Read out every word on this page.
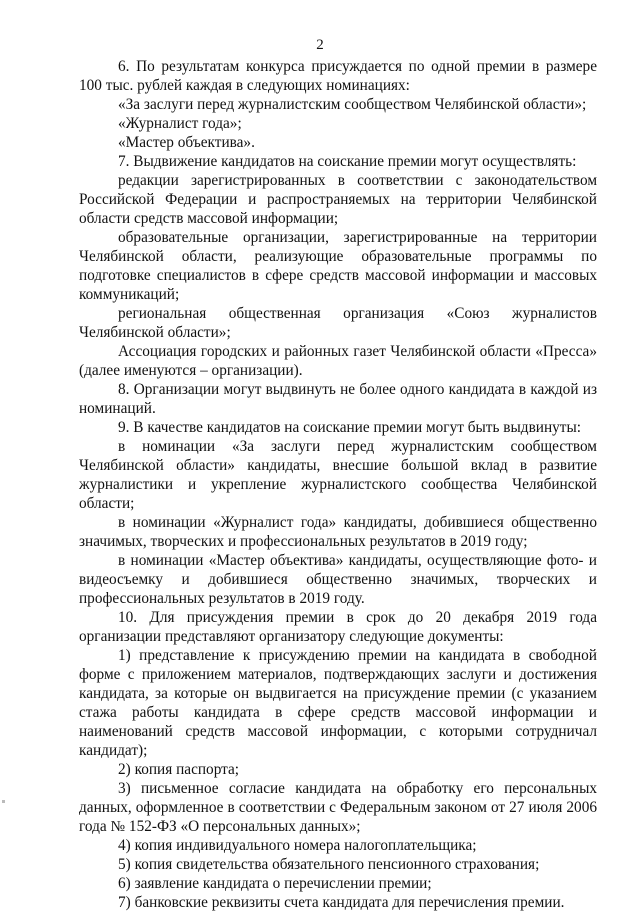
2

6. По результатам конкурса присуждается по одной премии в размере 100 тыс. рублей каждая в следующих номинациях:

«За заслуги перед журналистским сообществом Челябинской области»;

«Журналист года»;

«Мастер объектива».

7. Выдвижение кандидатов на соискание премии могут осуществлять:

редакции зарегистрированных в соответствии с законодательством Российской Федерации и распространяемых на территории Челябинской области средств массовой информации;

образовательные организации, зарегистрированные на территории Челябинской области, реализующие образовательные программы по подготовке специалистов в сфере средств массовой информации и массовых коммуникаций;

региональная общественная организация «Союз журналистов Челябинской области»;

Ассоциация городских и районных газет Челябинской области «Пресса» (далее именуются – организации).

8. Организации могут выдвинуть не более одного кандидата в каждой из номинаций.

9. В качестве кандидатов на соискание премии могут быть выдвинуты:

в номинации «За заслуги перед журналистским сообществом Челябинской области» кандидаты, внесшие большой вклад в развитие журналистики и укрепление журналистского сообщества Челябинской области;

в номинации «Журналист года» кандидаты, добившиеся общественно значимых, творческих и профессиональных результатов в 2019 году;

в номинации «Мастер объектива» кандидаты, осуществляющие фото- и видеосъемку и добившиеся общественно значимых, творческих и профессиональных результатов в 2019 году.

10. Для присуждения премии в срок до 20 декабря 2019 года организации представляют организатору следующие документы:

1) представление к присуждению премии на кандидата в свободной форме с приложением материалов, подтверждающих заслуги и достижения кандидата, за которые он выдвигается на присуждение премии (с указанием стажа работы кандидата в сфере средств массовой информации и наименований средств массовой информации, с которыми сотрудничал кандидат);

2) копия паспорта;

3) письменное согласие кандидата на обработку его персональных данных, оформленное в соответствии с Федеральным законом от 27 июля 2006 года № 152-ФЗ «О персональных данных»;

4) копия индивидуального номера налогоплательщика;

5) копия свидетельства обязательного пенсионного страхования;

6) заявление кандидата о перечислении премии;

7) банковские реквизиты счета кандидата для перечисления премии.
